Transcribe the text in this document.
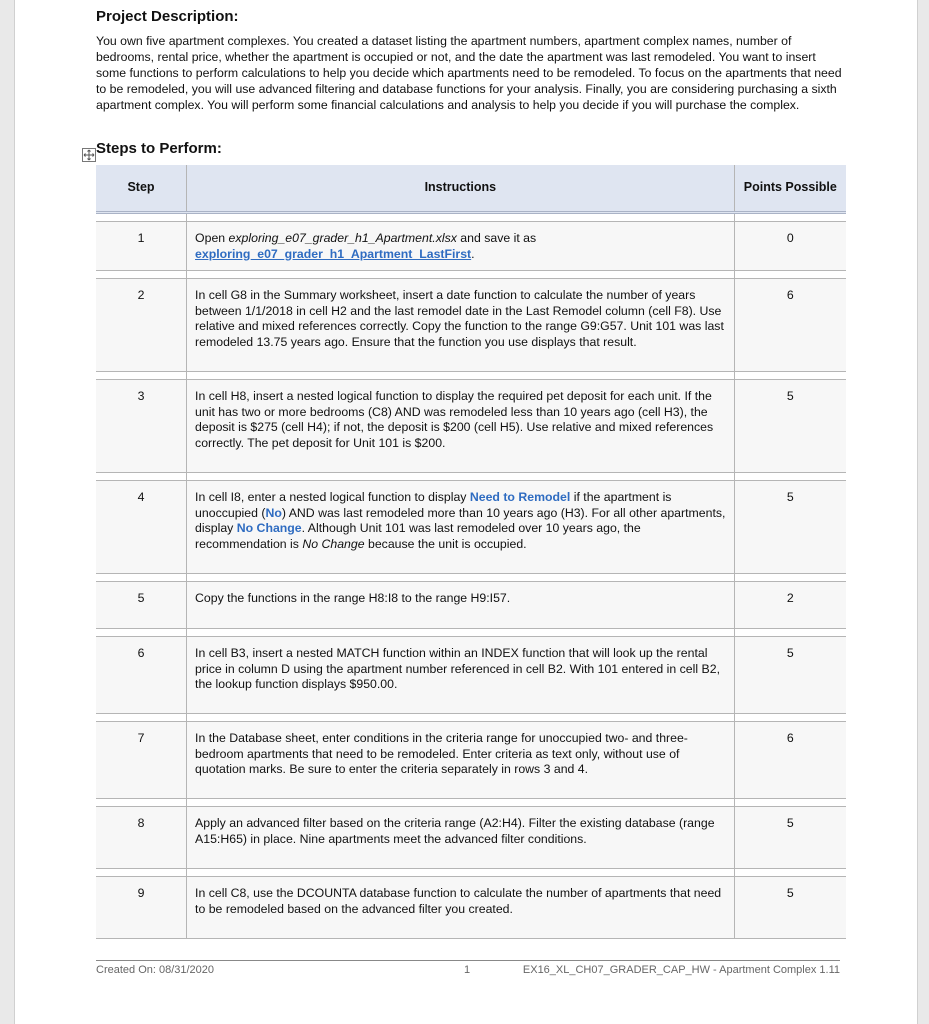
Project Description:
You own five apartment complexes. You created a dataset listing the apartment numbers, apartment complex names, number of bedrooms, rental price, whether the apartment is occupied or not, and the date the apartment was last remodeled. You want to insert some functions to perform calculations to help you decide which apartments need to be remodeled. To focus on the apartments that need to be remodeled, you will use advanced filtering and database functions for your analysis. Finally, you are considering purchasing a sixth apartment complex. You will perform some financial calculations and analysis to help you decide if you will purchase the complex.
Steps to Perform:
Step	Instructions	Points Possible

1	Open exploring_e07_grader_h1_Apartment.xlsx and save it as exploring_e07_grader_h1_Apartment_LastFirst.	0

2	In cell G8 in the Summary worksheet, insert a date function to calculate the number of years between 1/1/2018 in cell H2 and the last remodel date in the Last Remodel column (cell F8). Use relative and mixed references correctly. Copy the function to the range G9:G57. Unit 101 was last remodeled 13.75 years ago. Ensure that the function you use displays that result.	6

3	In cell H8, insert a nested logical function to display the required pet deposit for each unit. If the unit has two or more bedrooms (C8) AND was remodeled less than 10 years ago (cell H3), the deposit is $275 (cell H4); if not, the deposit is $200 (cell H5). Use relative and mixed references correctly. The pet deposit for Unit 101 is $200.	5

4	In cell I8, enter a nested logical function to display Need to Remodel if the apartment is unoccupied (No) AND was last remodeled more than 10 years ago (H3). For all other apartments, display No Change. Although Unit 101 was last remodeled over 10 years ago, the recommendation is No Change because the unit is occupied.	5

5	Copy the functions in the range H8:I8 to the range H9:I57.	2

6	In cell B3, insert a nested MATCH function within an INDEX function that will look up the rental price in column D using the apartment number referenced in cell B2. With 101 entered in cell B2, the lookup function displays $950.00.	5

7	In the Database sheet, enter conditions in the criteria range for unoccupied two- and three-bedroom apartments that need to be remodeled. Enter criteria as text only, without use of quotation marks. Be sure to enter the criteria separately in rows 3 and 4.	6

8	Apply an advanced filter based on the criteria range (A2:H4). Filter the existing database (range A15:H65) in place. Nine apartments meet the advanced filter conditions.	5

9	In cell C8, use the DCOUNTA database function to calculate the number of apartments that need to be remodeled based on the advanced filter you created.	5
Created On: 08/31/2020	1	EX16_XL_CH07_GRADER_CAP_HW - Apartment Complex 1.11
